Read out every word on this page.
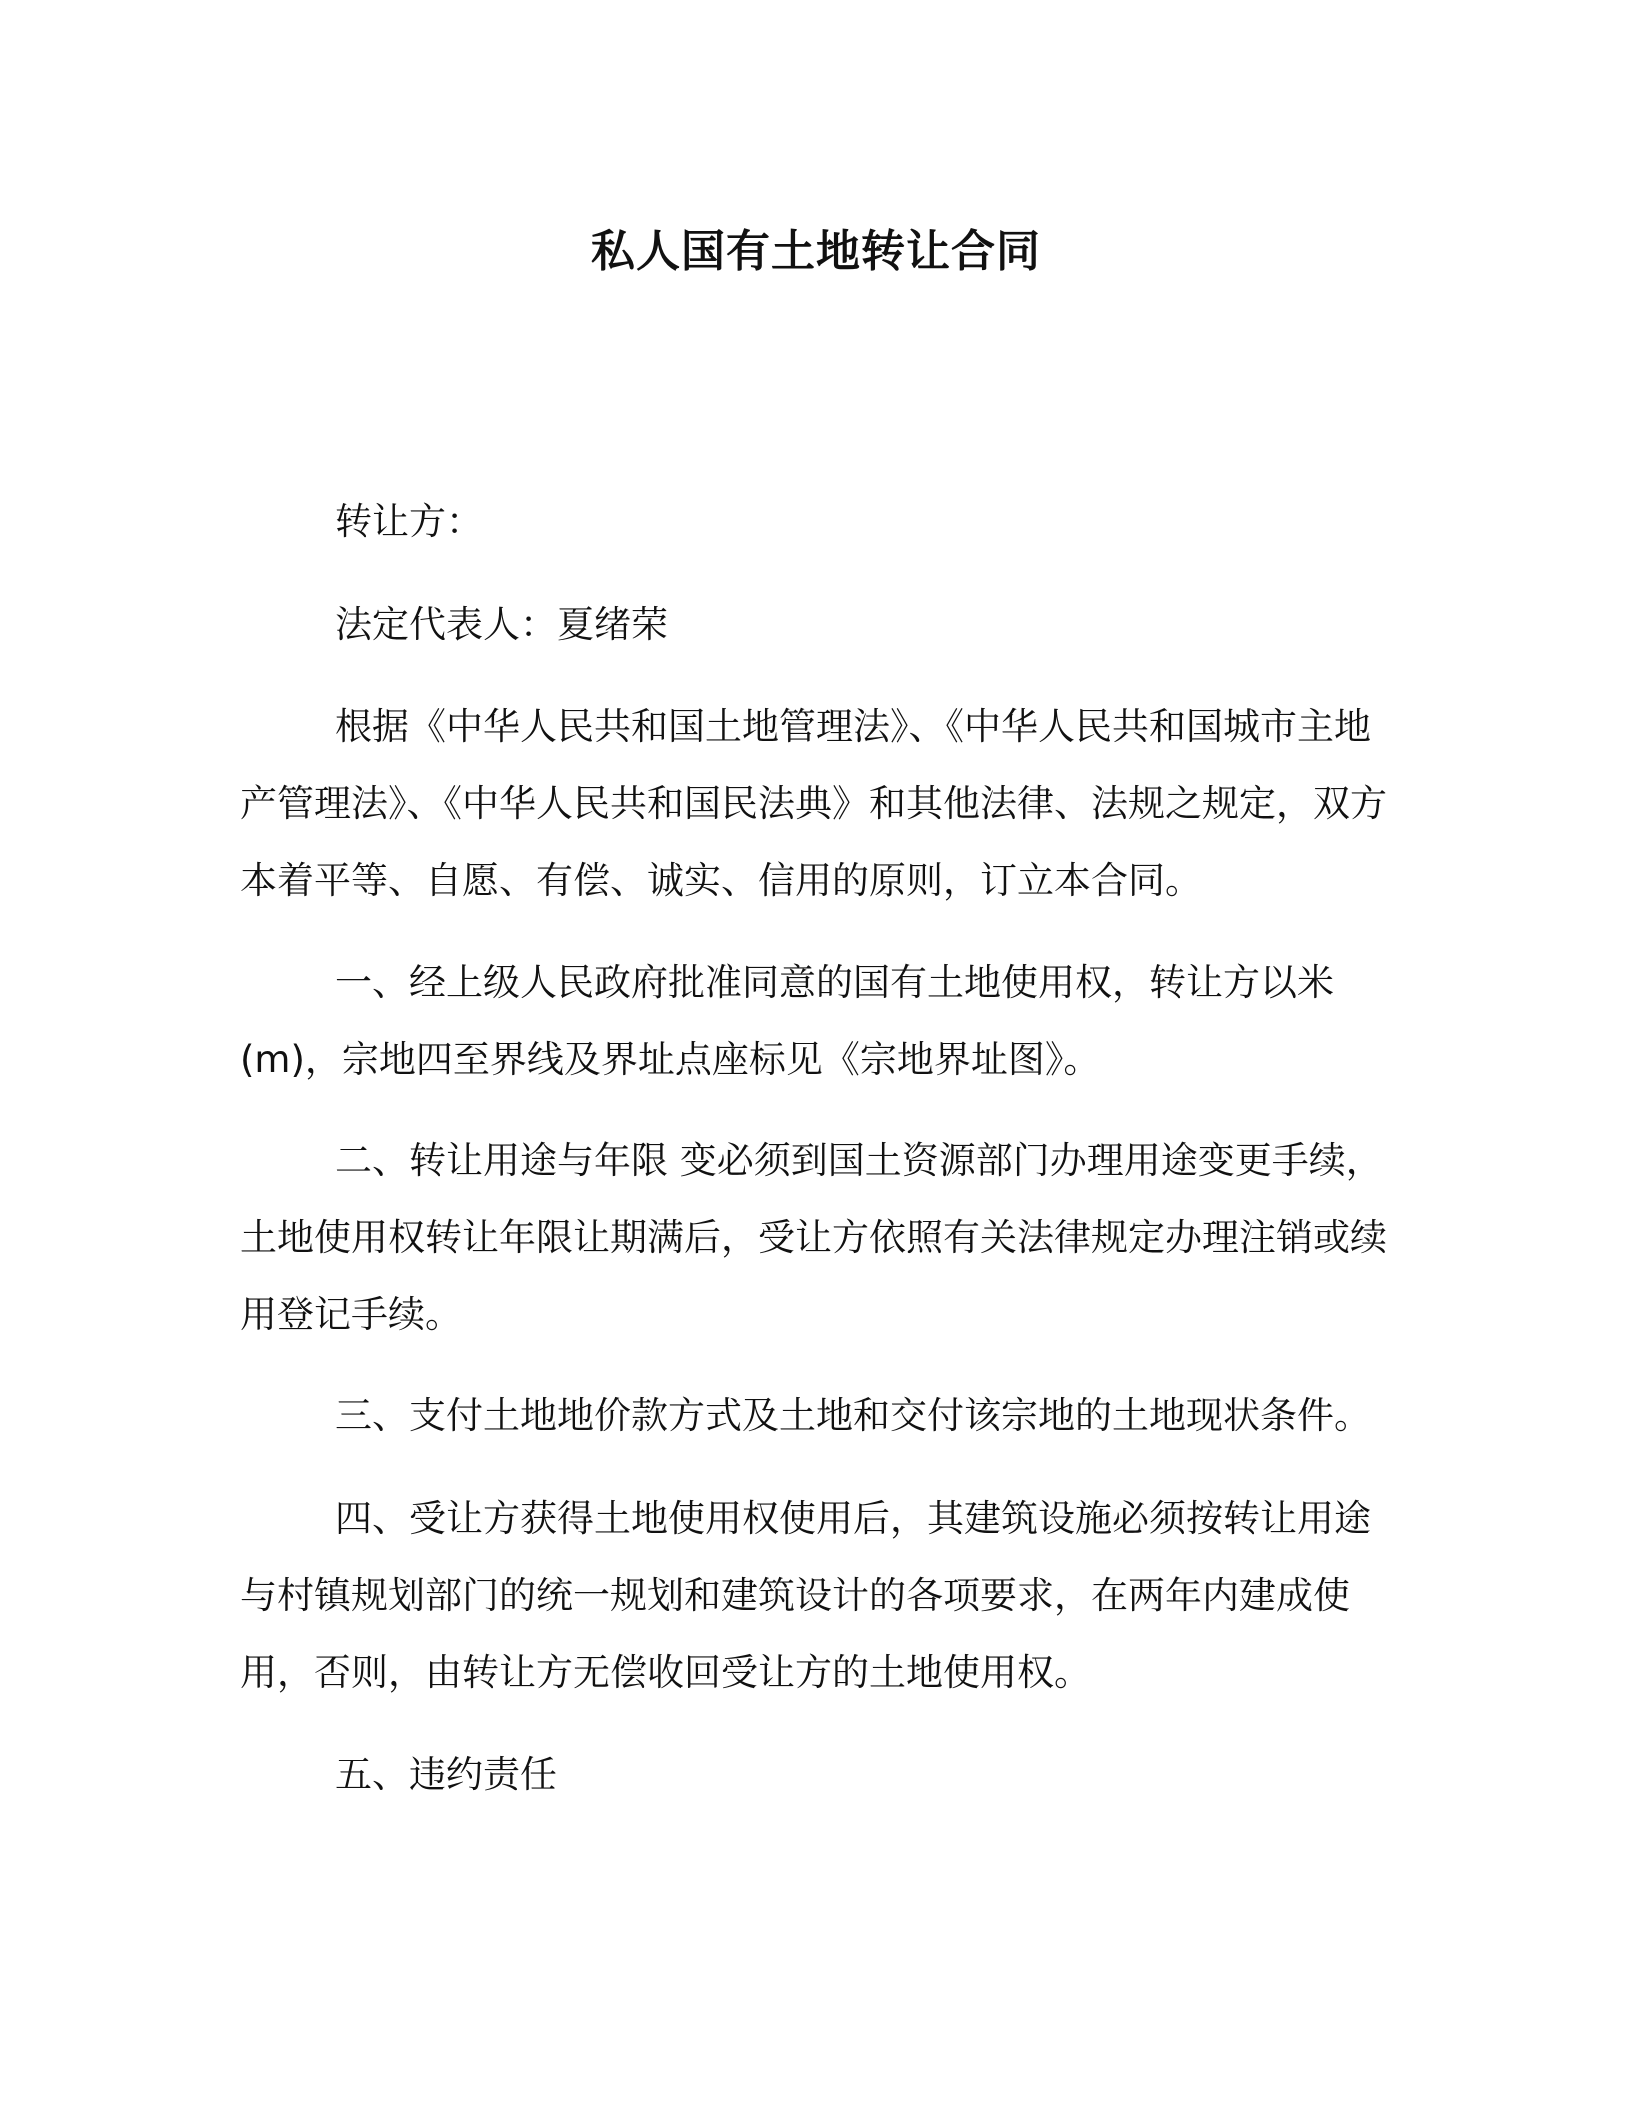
私人国有土地转让合同

转让方：

法定代表人：夏绪荣

根据《中华人民共和国土地管理法》、《中华人民共和国城市主地产管理法》、《中华人民共和国民法典》和其他法律、法规之规定，双方本着平等、自愿、有偿、诚实、信用的原则，订立本合同。

一、经上级人民政府批准同意的国有土地使用权，转让方以米(m)，宗地四至界线及界址点座标见《宗地界址图》。

二、转让用途与年限 变必须到国土资源部门办理用途变更手续，土地使用权转让年限让期满后，受让方依照有关法律规定办理注销或续用登记手续。

三、支付土地地价款方式及土地和交付该宗地的土地现状条件。

四、受让方获得土地使用权使用后，其建筑设施必须按转让用途与村镇规划部门的统一规划和建筑设计的各项要求，在两年内建成使用，否则，由转让方无偿收回受让方的土地使用权。

五、违约责任
